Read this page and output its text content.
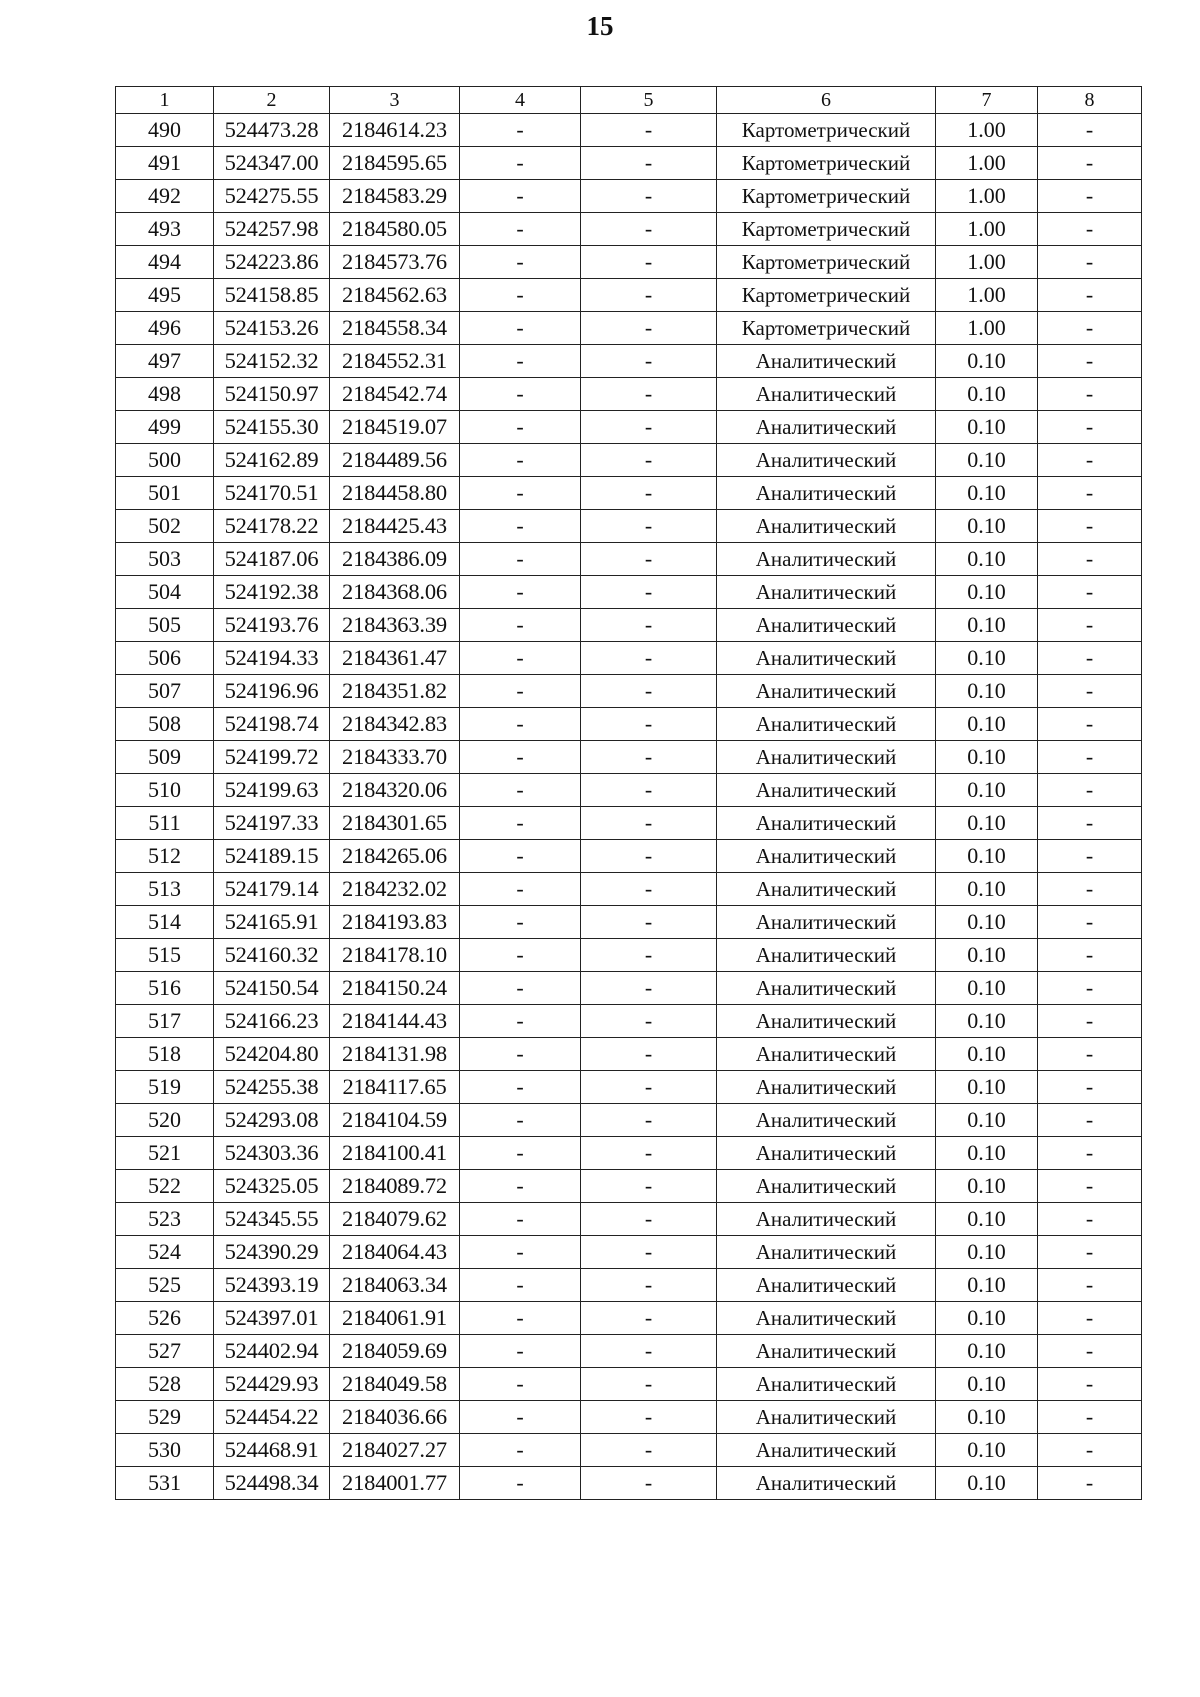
15
1	2	3	4	5	6	7	8
490	524473.28	2184614.23	-	-	Картометрический	1.00	-
491	524347.00	2184595.65	-	-	Картометрический	1.00	-
492	524275.55	2184583.29	-	-	Картометрический	1.00	-
493	524257.98	2184580.05	-	-	Картометрический	1.00	-
494	524223.86	2184573.76	-	-	Картометрический	1.00	-
495	524158.85	2184562.63	-	-	Картометрический	1.00	-
496	524153.26	2184558.34	-	-	Картометрический	1.00	-
497	524152.32	2184552.31	-	-	Аналитический	0.10	-
498	524150.97	2184542.74	-	-	Аналитический	0.10	-
499	524155.30	2184519.07	-	-	Аналитический	0.10	-
500	524162.89	2184489.56	-	-	Аналитический	0.10	-
501	524170.51	2184458.80	-	-	Аналитический	0.10	-
502	524178.22	2184425.43	-	-	Аналитический	0.10	-
503	524187.06	2184386.09	-	-	Аналитический	0.10	-
504	524192.38	2184368.06	-	-	Аналитический	0.10	-
505	524193.76	2184363.39	-	-	Аналитический	0.10	-
506	524194.33	2184361.47	-	-	Аналитический	0.10	-
507	524196.96	2184351.82	-	-	Аналитический	0.10	-
508	524198.74	2184342.83	-	-	Аналитический	0.10	-
509	524199.72	2184333.70	-	-	Аналитический	0.10	-
510	524199.63	2184320.06	-	-	Аналитический	0.10	-
511	524197.33	2184301.65	-	-	Аналитический	0.10	-
512	524189.15	2184265.06	-	-	Аналитический	0.10	-
513	524179.14	2184232.02	-	-	Аналитический	0.10	-
514	524165.91	2184193.83	-	-	Аналитический	0.10	-
515	524160.32	2184178.10	-	-	Аналитический	0.10	-
516	524150.54	2184150.24	-	-	Аналитический	0.10	-
517	524166.23	2184144.43	-	-	Аналитический	0.10	-
518	524204.80	2184131.98	-	-	Аналитический	0.10	-
519	524255.38	2184117.65	-	-	Аналитический	0.10	-
520	524293.08	2184104.59	-	-	Аналитический	0.10	-
521	524303.36	2184100.41	-	-	Аналитический	0.10	-
522	524325.05	2184089.72	-	-	Аналитический	0.10	-
523	524345.55	2184079.62	-	-	Аналитический	0.10	-
524	524390.29	2184064.43	-	-	Аналитический	0.10	-
525	524393.19	2184063.34	-	-	Аналитический	0.10	-
526	524397.01	2184061.91	-	-	Аналитический	0.10	-
527	524402.94	2184059.69	-	-	Аналитический	0.10	-
528	524429.93	2184049.58	-	-	Аналитический	0.10	-
529	524454.22	2184036.66	-	-	Аналитический	0.10	-
530	524468.91	2184027.27	-	-	Аналитический	0.10	-
531	524498.34	2184001.77	-	-	Аналитический	0.10	-
